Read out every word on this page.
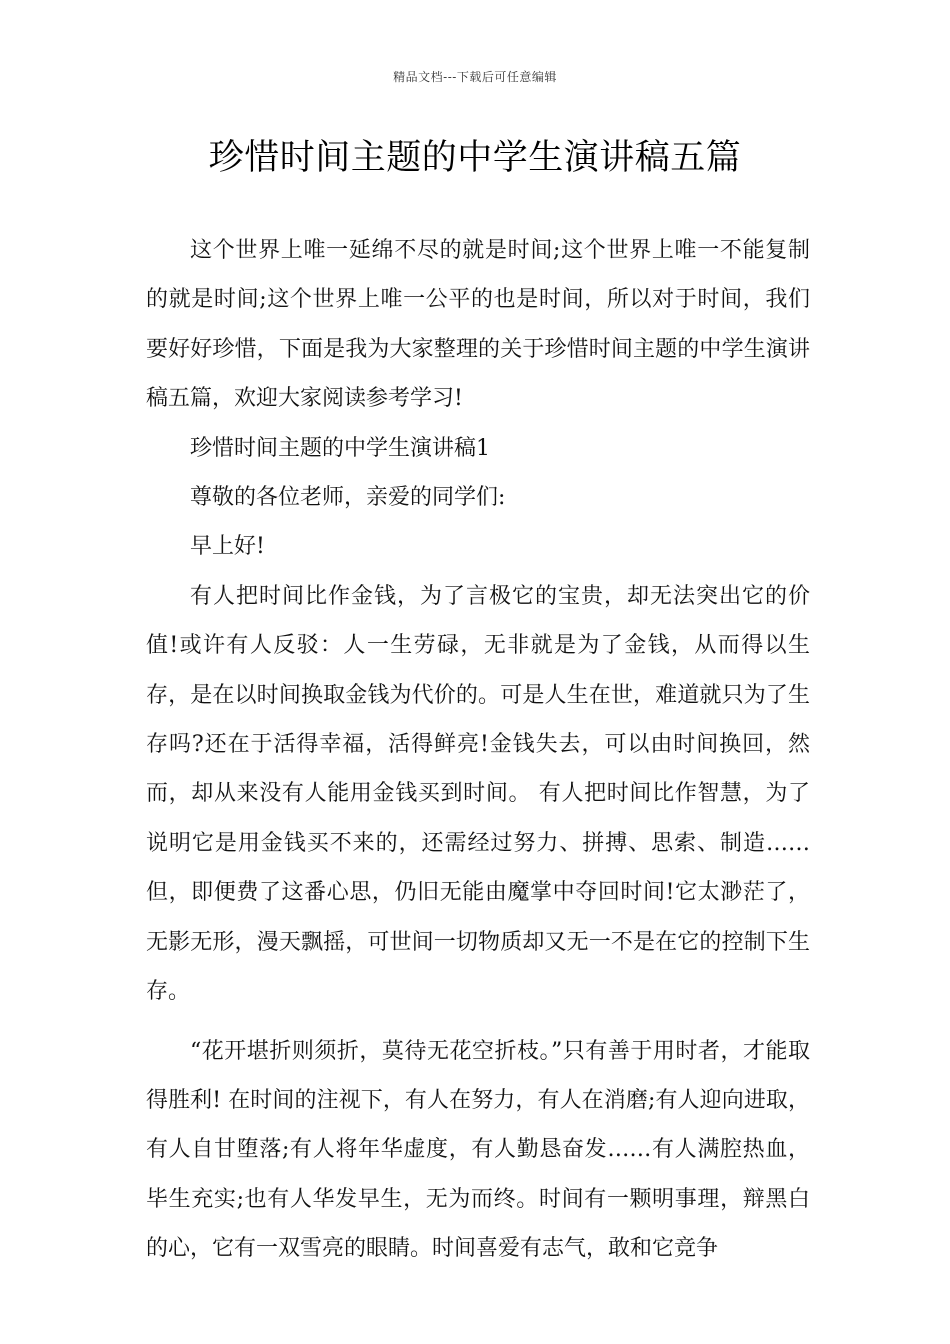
精品文档---下载后可任意编辑
珍惜时间主题的中学生演讲稿五篇

这个世界上唯一延绵不尽的就是时间;这个世界上唯一不能复制的就是时间;这个世界上唯一公平的也是时间，所以对于时间，我们要好好珍惜，下面是我为大家整理的关于珍惜时间主题的中学生演讲稿五篇，欢迎大家阅读参考学习!

珍惜时间主题的中学生演讲稿1

尊敬的各位老师，亲爱的同学们:

早上好!

有人把时间比作金钱，为了言极它的宝贵，却无法突出它的价值!或许有人反驳：人一生劳碌，无非就是为了金钱，从而得以生存，是在以时间换取金钱为代价的。可是人生在世，难道就只为了生存吗?还在于活得幸福，活得鲜亮!金钱失去，可以由时间换回，然而，却从来没有人能用金钱买到时间。 有人把时间比作智慧，为了说明它是用金钱买不来的，还需经过努力、拼搏、思索、制造……但，即便费了这番心思，仍旧无能由魔掌中夺回时间!它太渺茫了，无影无形，漫天飘摇，可世间一切物质却又无一不是在它的控制下生存。

“花开堪折则须折，莫待无花空折枝。”只有善于用时者，才能取得胜利! 在时间的注视下，有人在努力，有人在消磨;有人迎向进取，有人自甘堕落;有人将年华虚度，有人勤恳奋发……有人满腔热血，毕生充实;也有人华发早生，无为而终。时间有一颗明事理，辩黑白的心，它有一双雪亮的眼睛。时间喜爱有志气，敢和它竞争
